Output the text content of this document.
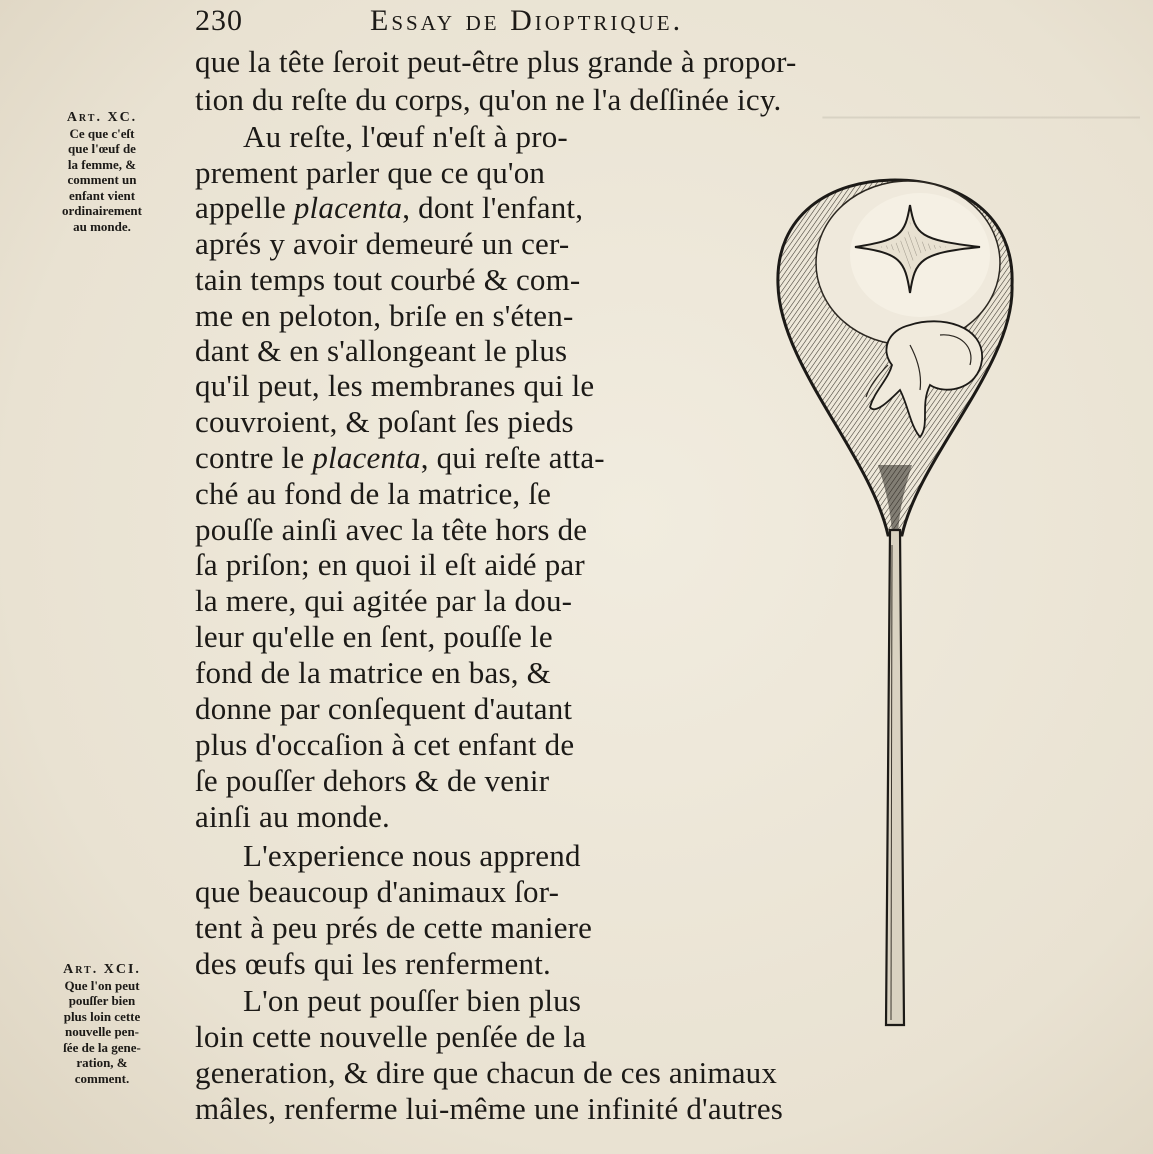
────────────────
230	Essay de Dioptrique.
que la tête ſeroit peut-être plus grande à propor-
tion du reſte du corps, qu'on ne l'a deſſinée icy.
Au reſte, l'œuf n'eſt à pro-
prement parler que ce qu'on
appelle placenta, dont l'enfant,
aprés y avoir demeuré un cer-
tain temps tout courbé & com-
me en peloton, briſe en s'éten-
dant & en s'allongeant le plus
qu'il peut, les membranes qui le
couvroient, & poſant ſes pieds
contre le placenta, qui reſte atta-
ché au fond de la matrice, ſe
pouſſe ainſi avec la tête hors de
ſa priſon; en quoi il eſt aidé par
la mere, qui agitée par la dou-
leur qu'elle en ſent, pouſſe le
fond de la matrice en bas, &
donne par conſequent d'autant
plus d'occaſion à cet enfant de
ſe pouſſer dehors & de venir
ainſi au monde.
L'experience nous apprend
que beaucoup d'animaux ſor-
tent à peu prés de cette maniere
des œufs qui les renferment.
L'on peut pouſſer bien plus
loin cette nouvelle penſée de la
generation, & dire que chacun de ces animaux
mâles, renferme lui-même une infinité d'autres
Art. XC.
Ce que c'eſt
que l'œuf de
la femme, &
comment un
enfant vient
ordinairement
au monde.
Art. XCI.
Que l'on peut
pouſſer bien
plus loin cette
nouvelle pen-
ſée de la gene-
ration, &
comment.
